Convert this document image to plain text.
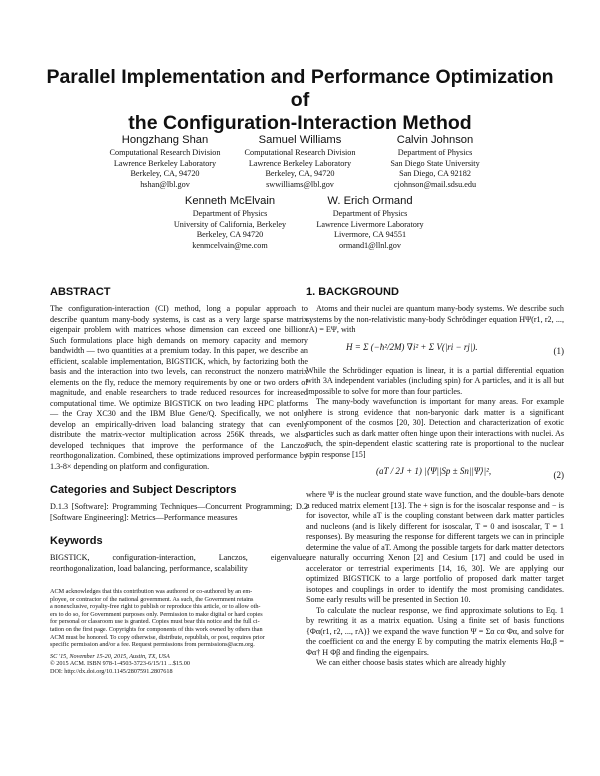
Parallel Implementation and Performance Optimization of
the Configuration-Interaction Method
Hongzhang Shan
Computational Research Division
Lawrence Berkeley Laboratory
Berkeley, CA, 94720
hshan@lbl.gov
Samuel Williams
Computational Research Division
Lawrence Berkeley Laboratory
Berkeley, CA, 94720
swwilliams@lbl.gov
Calvin Johnson
Department of Physics
San Diego State University
San Diego, CA 92182
cjohnson@mail.sdsu.edu
Kenneth McElvain
Department of Physics
University of California, Berkeley
Berkeley, CA 94720
kenmcelvain@me.com
W. Erich Ormand
Department of Physics
Lawrence Livermore Laboratory
Livermore, CA 94551
ormand1@llnl.gov
ABSTRACT

The configuration-interaction (CI) method, long a popular approach to describe quantum many-body systems, is cast as a very large sparse matrix eigenpair problem with matrices whose dimension can exceed one billion. Such formulations place high demands on memory capacity and memory bandwidth — two quantities at a premium today. In this paper, we describe an efficient, scalable implementation, BIGSTICK, which, by factorizing both the basis and the interaction into two levels, can reconstruct the nonzero matrix elements on the fly, reduce the memory requirements by one or two orders of magnitude, and enable researchers to trade reduced resources for increased computational time. We optimize BIGSTICK on two leading HPC platforms — the Cray XC30 and the IBM Blue Gene/Q. Specifically, we not only develop an empirically-driven load balancing strategy that can evenly distribute the matrix-vector multiplication across 256K threads, we also developed techniques that improve the performance of the Lanczos reorthogonalization. Combined, these optimizations improved performance by 1.3-8× depending on platform and configuration.

Categories and Subject Descriptors

D.1.3 [Software]: Programming Techniques—Concurrent Programming; D.2 [Software Engineering]: Metrics—Performance measures

Keywords

BIGSTICK, configuration-interaction, Lanczos, eigenvalue, reorthogonalization, load balancing, performance, scalability

ACM acknowledges that this contribution was authored or co-authored by an em-
ployee, or contractor of the national government. As such, the Government retains
a nonexclusive, royalty-free right to publish or reproduce this article, or to allow oth-
ers to do so, for Government purposes only. Permission to make digital or hard copies
for personal or classroom use is granted. Copies must bear this notice and the full ci-
tation on the first page. Copyrights for components of this work owned by others than
ACM must be honored. To copy otherwise, distribute, republish, or post, requires prior
specific permission and/or a fee. Request permissions from permissions@acm.org.
SC '15, November 15-20, 2015, Austin, TX, USA
© 2015 ACM. ISBN 978-1-4503-3723-6/15/11 ...$15.00
DOI: http://dx.doi.org/10.1145/2807591.2807618
1. BACKGROUND

Atoms and their nuclei are quantum many-body systems. We describe such systems by the non-relativistic many-body Schrödinger equation HΨ(r1, r2, ..., rA) = EΨ, with

H = Σ (−ħ²/2M) ∇i² + Σ V(|ri − rj|).	(1)

While the Schrödinger equation is linear, it is a partial differential equation with 3A independent variables (including spin) for A particles, and it is all but impossible to solve for more than four particles.

The many-body wavefunction is important for many areas. For example there is strong evidence that non-baryonic dark matter is a significant component of the cosmos [20, 30]. Detection and characterization of exotic particles such as dark matter often hinge upon their interactions with nuclei. As such, the spin-dependent elastic scattering rate is proportional to the nuclear spin response [15]

(aT / 2J + 1) |⟨Ψ||Sp ± Sn||Ψ⟩|²,	(2)

where Ψ is the nuclear ground state wave function, and the double-bars denote a reduced matrix element [13]. The + sign is for the isoscalar response and − is for isovector, while aT is the coupling constant between dark matter particles and nucleons (and is likely different for isoscalar, T = 0 and isoscalar, T = 1 responses). By measuring the response for different targets we can in principle determine the value of aT. Among the possible targets for dark matter detectors are naturally occurring Xenon [2] and Cesium [17] and could be used in accelerator or terrestrial experiments [14, 16, 30]. We are applying our optimized BIGSTICK to a large portfolio of proposed dark matter target isotopes and couplings in order to identify the most promising candidates. Some early results will be presented in Section 10.

To calculate the nuclear response, we find approximate solutions to Eq. 1 by rewriting it as a matrix equation. Using a finite set of basis functions {Φα(r1, r2, ..., rA)} we expand the wave function Ψ = Σα cα Φα, and solve for the coefficient cα and the energy E by computing the matrix elements Hα,β = Φα† H Φβ and finding the eigenpairs.

We can either choose basis states which are already highly
